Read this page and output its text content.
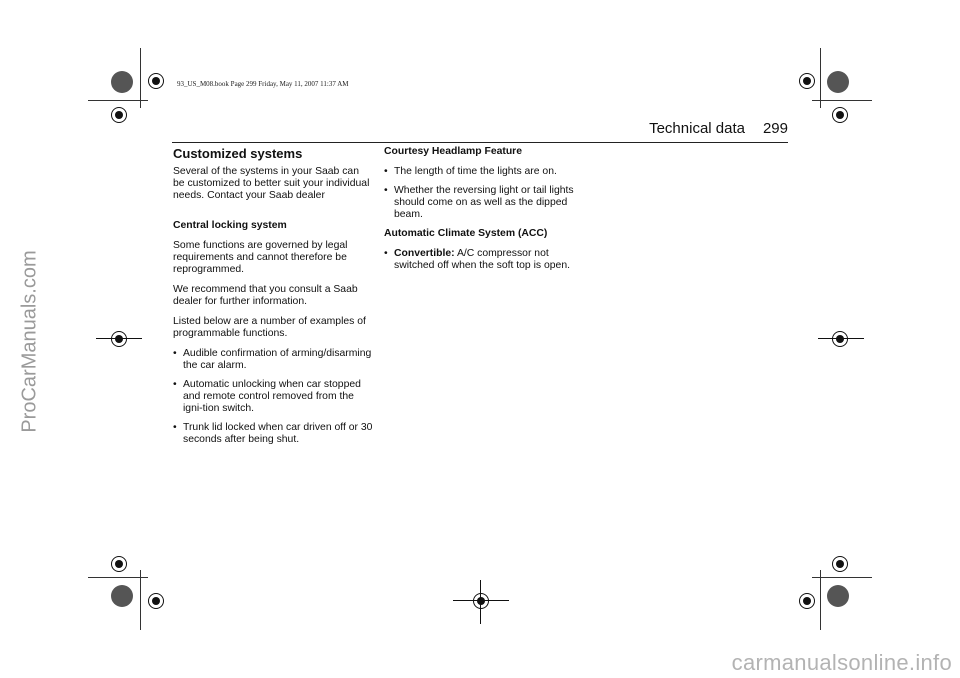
93_US_M08.book Page 299 Friday, May 11, 2007 11:37 AM
Technical data 299
Customized systems

Several of the systems in your Saab can be customized to better suit your individual needs. Contact your Saab dealer

Central locking system

Some functions are governed by legal requirements and cannot therefore be reprogrammed.

We recommend that you consult a Saab dealer for further information.

Listed below are a number of examples of programmable functions.

• Audible confirmation of arming/disarming the car alarm.
• Automatic unlocking when car stopped and remote control removed from the igni-tion switch.
• Trunk lid locked when car driven off or 30 seconds after being shut.
Courtesy Headlamp Feature
• The length of time the lights are on.
• Whether the reversing light or tail lights should come on as well as the dipped beam.
Automatic Climate System (ACC)
• Convertible: A/C compressor not switched off when the soft top is open.
ProCarManuals.com
carmanualsonline.info
